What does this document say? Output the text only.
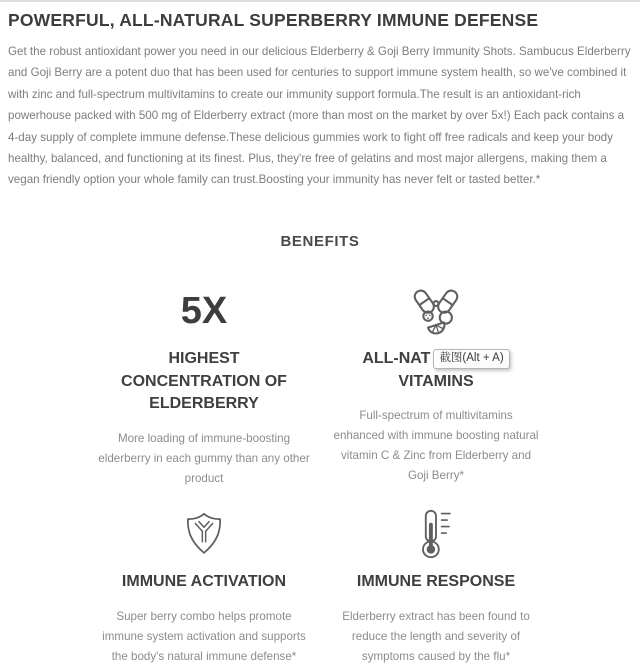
POWERFUL, ALL-NATURAL SUPERBERRY IMMUNE DEFENSE

Get the robust antioxidant power you need in our delicious Elderberry & Goji Berry Immunity Shots. Sambucus Elderberry and Goji Berry are a potent duo that has been used for centuries to support immune system health, so we've combined it with zinc and full-spectrum multivitamins to create our immunity support formula.The result is an antioxidant-rich powerhouse packed with 500 mg of Elderberry extract (more than most on the market by over 5x!) Each pack contains a 4-day supply of complete immune defense.These delicious gummies work to fight off free radicals and keep your body healthy, balanced, and functioning at its finest. Plus, they're free of gelatins and most major allergens, making them a vegan friendly option your whole family can trust.Boosting your immunity has never felt or tasted better.*

BENEFITS
5X
HIGHEST CONCENTRATION OF ELDERBERRY

More loading of immune-boosting elderberry in each gummy than any other product

ALL-NAT 截图(Alt + A)
VITAMINS

Full-spectrum of multivitamins enhanced with immune boosting natural vitamin C & Zinc from Elderberry and Goji Berry*

IMMUNE ACTIVATION

Super berry combo helps promote immune system activation and supports the body's natural immune defense*

IMMUNE RESPONSE

Elderberry extract has been found to reduce the length and severity of symptoms caused by the flu*
